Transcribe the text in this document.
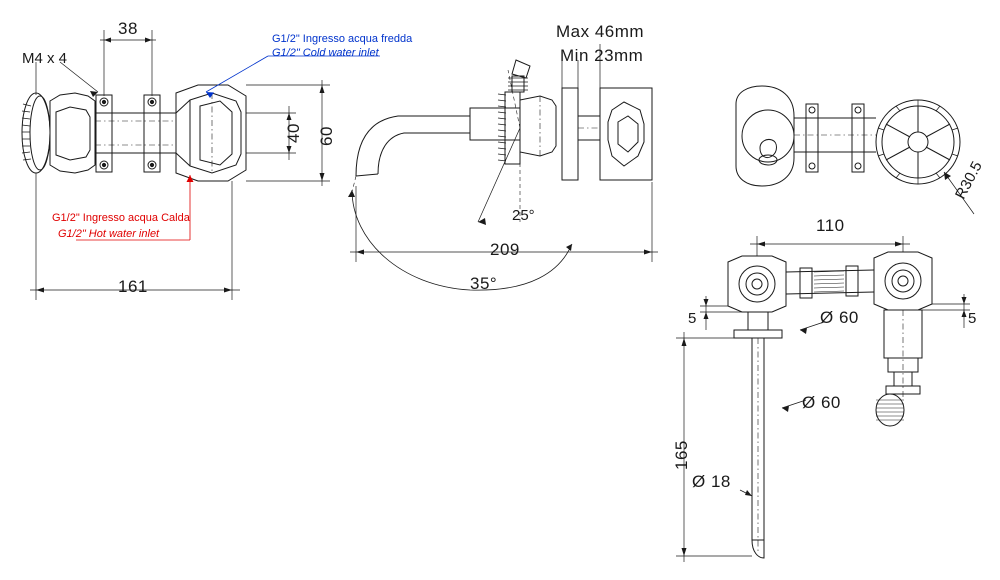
M4 x 4
38
161
40 60
G1/2" Ingresso acqua fredda
G1/2" Cold water inlet
G1/2" Ingresso acqua Calda
G1/2" Hot water inlet
Max 46mm
Min 23mm
25°
209
35°
R30.5
110
5	5
Ø 60
Ø 60
Ø 18
165
